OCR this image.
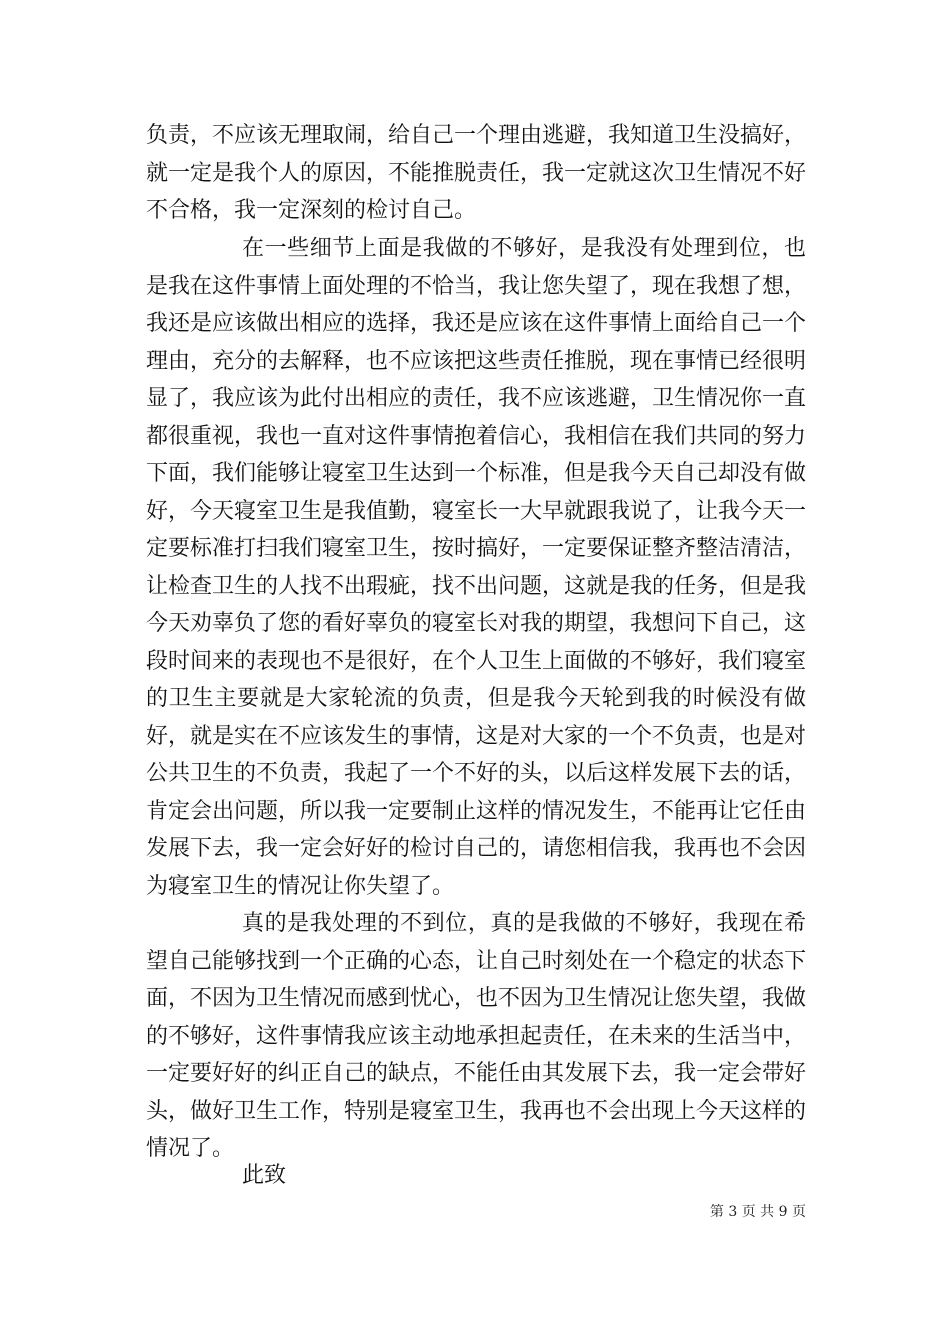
负责，不应该无理取闹，给自己一个理由逃避，我知道卫生没搞好，就一定是我个人的原因，不能推脱责任，我一定就这次卫生情况不好不合格，我一定深刻的检讨自己。
在一些细节上面是我做的不够好，是我没有处理到位，也是我在这件事情上面处理的不恰当，我让您失望了，现在我想了想，我还是应该做出相应的选择，我还是应该在这件事情上面给自己一个理由，充分的去解释，也不应该把这些责任推脱，现在事情已经很明显了，我应该为此付出相应的责任，我不应该逃避，卫生情况你一直都很重视，我也一直对这件事情抱着信心，我相信在我们共同的努力下面，我们能够让寝室卫生达到一个标准，但是我今天自己却没有做好，今天寝室卫生是我值勤，寝室长一大早就跟我说了，让我今天一定要标准打扫我们寝室卫生，按时搞好，一定要保证整齐整洁清洁，让检查卫生的人找不出瑕疵，找不出问题，这就是我的任务，但是我今天劝辜负了您的看好辜负的寝室长对我的期望，我想问下自己，这段时间来的表现也不是很好，在个人卫生上面做的不够好，我们寝室的卫生主要就是大家轮流的负责，但是我今天轮到我的时候没有做好，就是实在不应该发生的事情，这是对大家的一个不负责，也是对公共卫生的不负责，我起了一个不好的头，以后这样发展下去的话，肯定会出问题，所以我一定要制止这样的情况发生，不能再让它任由发展下去，我一定会好好的检讨自己的，请您相信我，我再也不会因为寝室卫生的情况让你失望了。
真的是我处理的不到位，真的是我做的不够好，我现在希望自己能够找到一个正确的心态，让自己时刻处在一个稳定的状态下面，不因为卫生情况而感到忧心，也不因为卫生情况让您失望，我做的不够好，这件事情我应该主动地承担起责任，在未来的生活当中，一定要好好的纠正自己的缺点，不能任由其发展下去，我一定会带好头，做好卫生工作，特别是寝室卫生，我再也不会出现上今天这样的情况了。
此致
第 3 页 共 9 页
